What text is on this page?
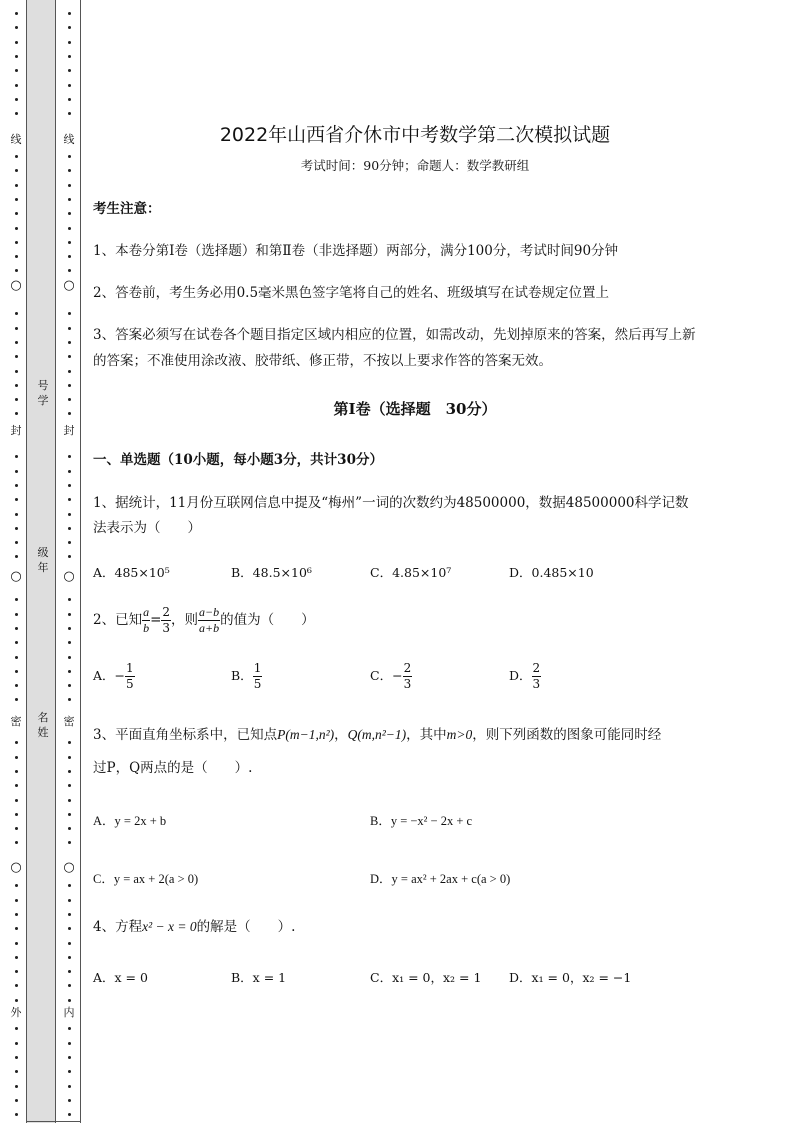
线
○
封
○
密
○
外
线
○
封
○
密
○
内
号学
级年
名姓
2022年山西省介休市中考数学第二次模拟试题
考试时间：90分钟；命题人：数学教研组
考生注意：
1、本卷分第I卷（选择题）和第Ⅱ卷（非选择题）两部分，满分100分，考试时间90分钟
2、答卷前，考生务必用0.5毫米黑色签字笔将自己的姓名、班级填写在试卷规定位置上
3、答案必须写在试卷各个题目指定区域内相应的位置，如需改动，先划掉原来的答案，然后再写上新
的答案；不准使用涂改液、胶带纸、修正带，不按以上要求作答的答案无效。
第Ⅰ卷（选择题　30分）
一、单选题（10小题，每小题3分，共计30分）
1、据统计，11月份互联网信息中提及“梅州”一词的次数约为48500000，数据48500000科学记数
法表示为（　　）
A．485×10⁵	B．48.5×10⁶	C．4.85×10⁷	D．0.485×10
2、已知 $\frac{a}{b} = \frac{2}{3}$ ，则 $\frac{a-b}{a+b}$ 的值为（　　）
A．− $\frac{1}{5}$	B． $\frac{1}{5}$	C．− $\frac{2}{3}$	D． $\frac{2}{3}$
3、平面直角坐标系中，已知点P(m−1,n²)，Q(m,n²−1)，其中m>0，则下列函数的图象可能同时经
过P，Q两点的是（　　）.
A．y = 2x + b	B．y = −x² − 2x + c
C．y = ax + 2(a > 0)	D．y = ax² + 2ax + c(a > 0)
4、方程x² − x = 0的解是（　　）.
A．x = 0	B．x = 1	C．x₁ = 0，x₂ = 1 D．x₁ = 0，x₂ = −1
